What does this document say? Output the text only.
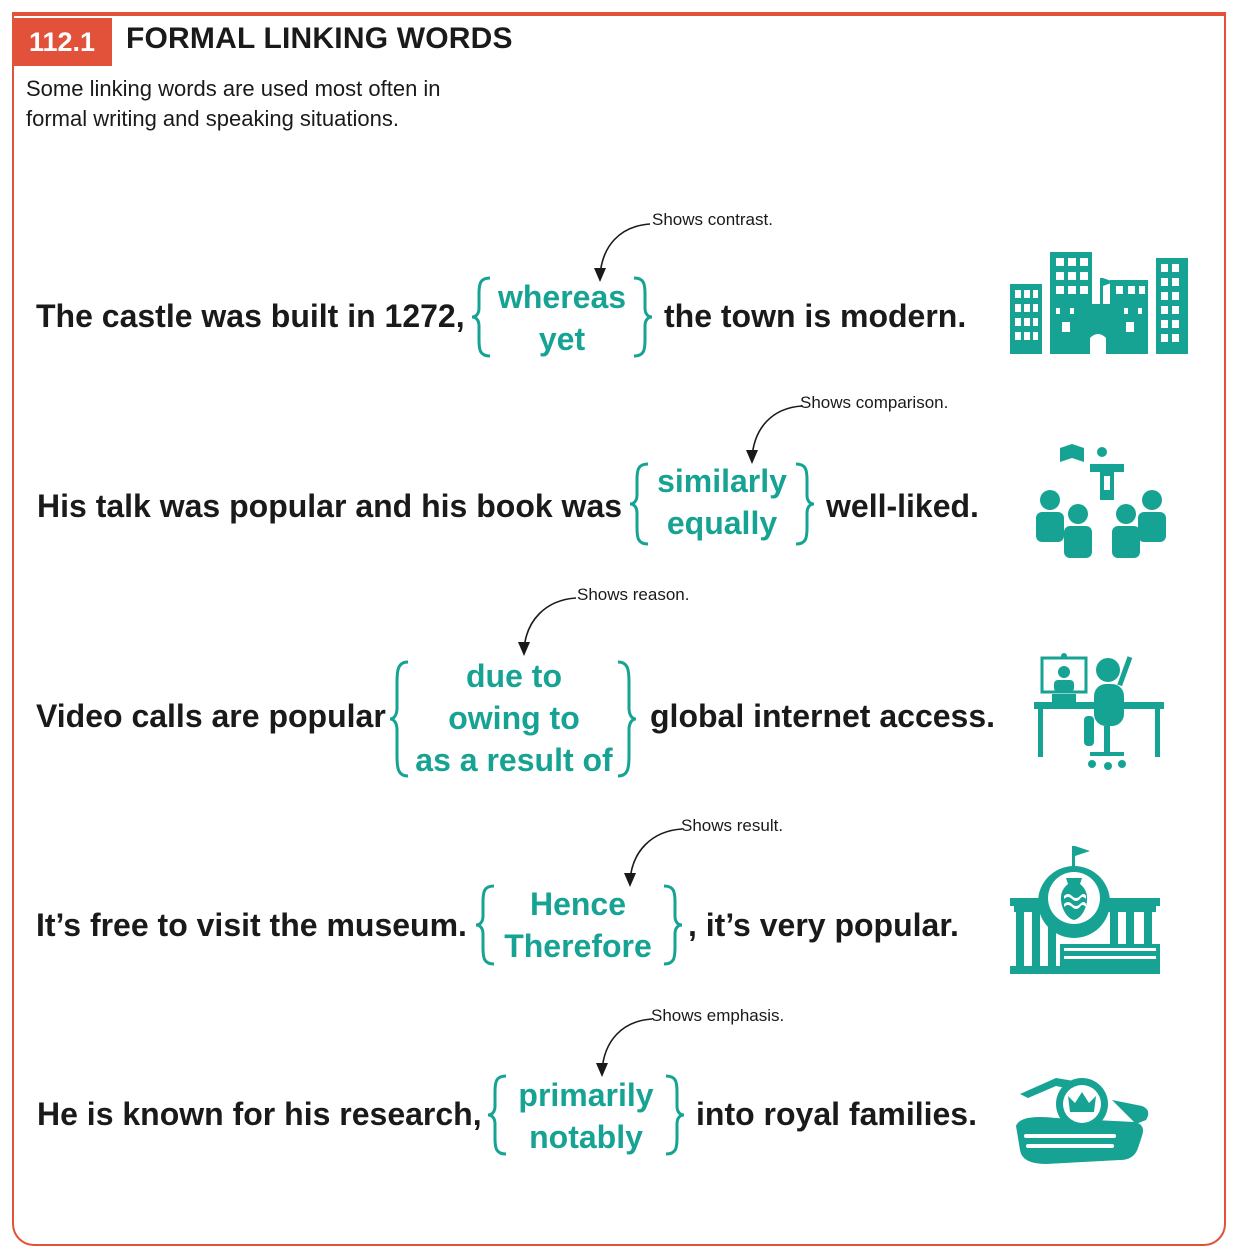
112.1	FORMAL LINKING WORDS
Some linking words are used most often in formal writing and speaking situations.
Shows contrast.
The castle was built in 1272,
whereas
yet
the town is modern.
Shows comparison.
His talk was popular and his book was
similarly
equally well-liked.
Shows reason.
Video calls are popular
due to
owing to
as a result of
global internet access.
Shows result.
It’s free to visit the museum.
Hence
Therefore
, it’s very popular.
Shows emphasis.
He is known for his research,
primarily
notably
into royal families.
